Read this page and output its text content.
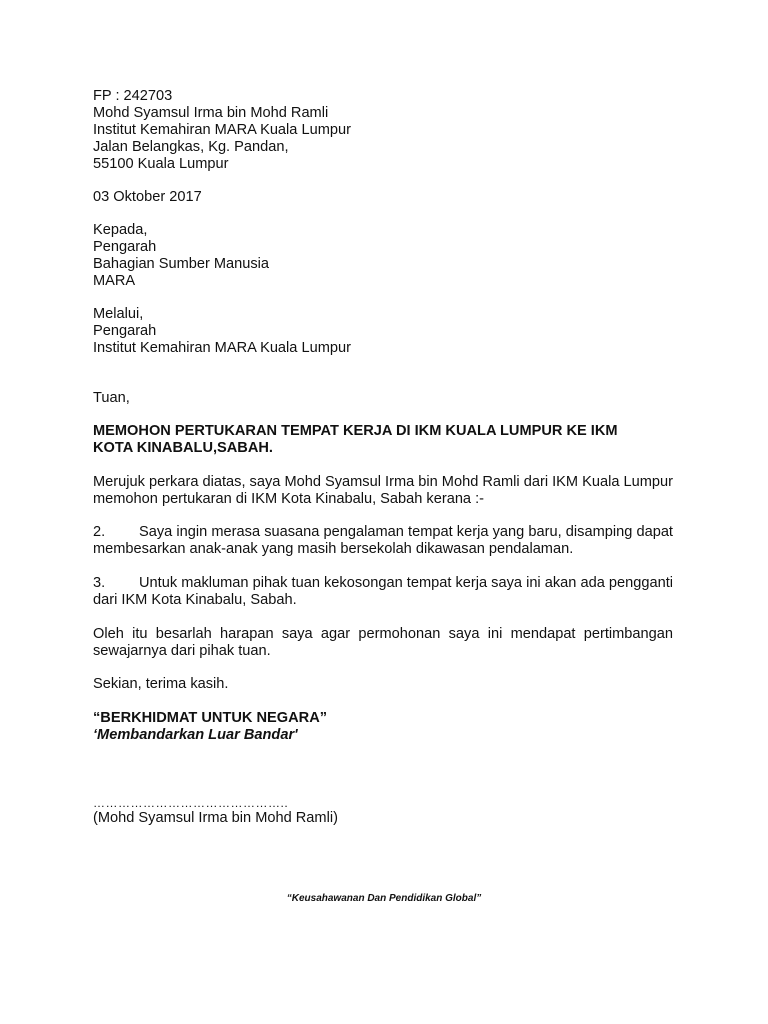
FP : 242703
Mohd Syamsul Irma bin Mohd Ramli
Institut Kemahiran MARA Kuala Lumpur
Jalan Belangkas, Kg. Pandan,
55100 Kuala Lumpur
03 Oktober 2017
Kepada,
Pengarah
Bahagian Sumber Manusia
MARA
Melalui,
Pengarah
Institut Kemahiran MARA Kuala Lumpur
Tuan,
MEMOHON PERTUKARAN TEMPAT KERJA DI IKM KUALA LUMPUR KE IKM
KOTA KINABALU,SABAH.
Merujuk perkara diatas, saya Mohd Syamsul Irma bin Mohd Ramli dari IKM Kuala Lumpur memohon pertukaran di IKM Kota Kinabalu, Sabah kerana :-
2. Saya ingin merasa suasana pengalaman tempat kerja yang baru, disamping dapat membesarkan anak-anak yang masih bersekolah dikawasan pendalaman.
3. Untuk makluman pihak tuan kekosongan tempat kerja saya ini akan ada pengganti dari IKM Kota Kinabalu, Sabah.
Oleh itu besarlah harapan saya agar permohonan saya ini mendapat pertimbangan sewajarnya dari pihak tuan.
Sekian, terima kasih.
“BERKHIDMAT UNTUK NEGARA”
‘Membandarkan Luar Bandar'
………………………………………..
(Mohd Syamsul Irma bin Mohd Ramli)
“Keusahawanan Dan Pendidikan Global”
